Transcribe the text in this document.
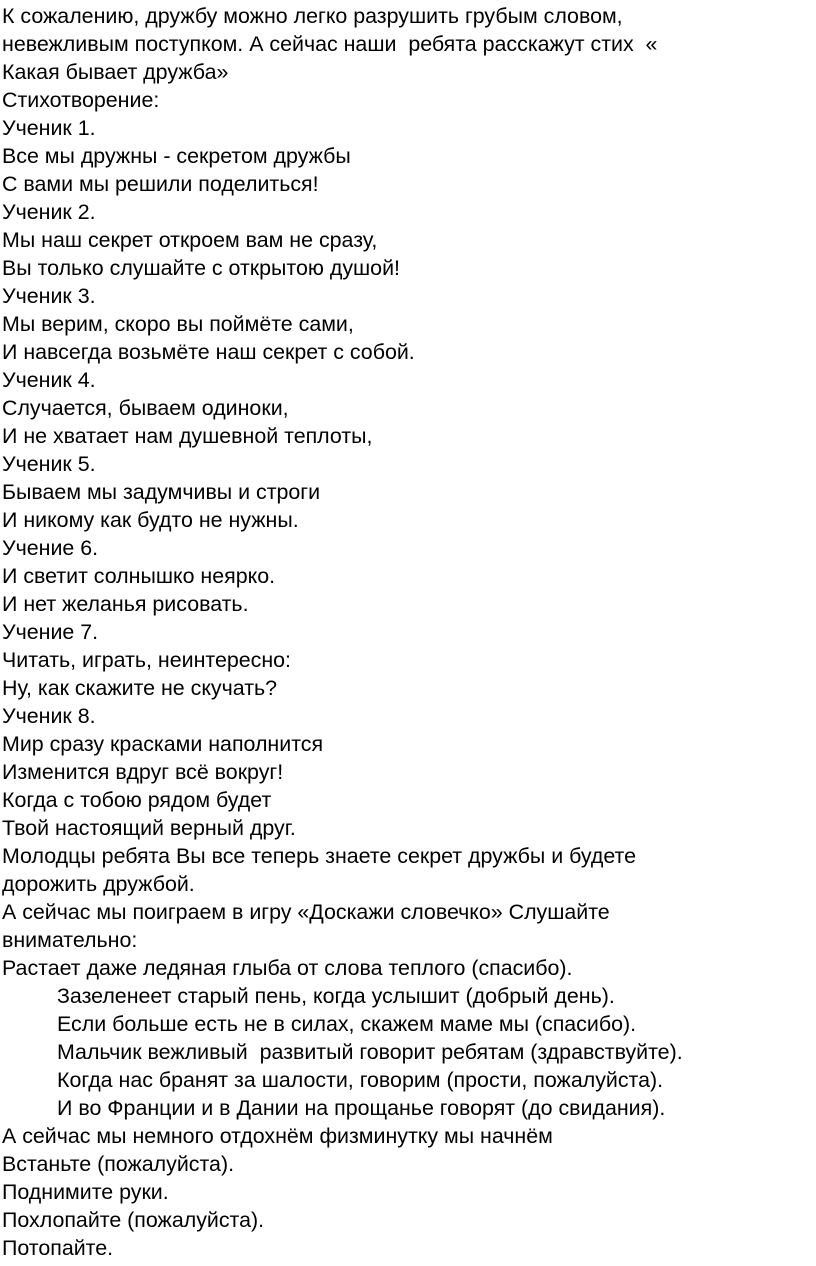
К сожалению, дружбу можно легко разрушить грубым словом,
невежливым поступком. А сейчас наши  ребята расскажут стих  «
Какая бывает дружба»
Стихотворение:
Ученик 1.
Все мы дружны - секретом дружбы
С вами мы решили поделиться!
Ученик 2.
Мы наш секрет откроем вам не сразу,
Вы только слушайте с открытою душой!
Ученик 3.
Мы верим, скоро вы поймёте сами,
И навсегда возьмёте наш секрет с собой.
Ученик 4.
Случается, бываем одиноки,
И не хватает нам душевной теплоты,
Ученик 5.
Бываем мы задумчивы и строги
И никому как будто не нужны.
Учение 6.
И светит солнышко неярко.
И нет желанья рисовать.
Учение 7.
Читать, играть, неинтересно:
Ну, как скажите не скучать?
Ученик 8.
Мир сразу красками наполнится
Изменится вдруг всё вокруг!
Когда с тобою рядом будет
Твой настоящий верный друг.
Молодцы ребята Вы все теперь знаете секрет дружбы и будете
дорожить дружбой.
А сейчас мы поиграем в игру «Доскажи словечко» Слушайте
внимательно:
Растает даже ледяная глыба от слова теплого (спасибо).
Зазеленеет старый пень, когда услышит (добрый день).
Если больше есть не в силах, скажем маме мы (спасибо).
Мальчик вежливый  развитый говорит ребятам (здравствуйте).
Когда нас бранят за шалости, говорим (прости, пожалуйста).
И во Франции и в Дании на прощанье говорят (до свидания).
А сейчас мы немного отдохнём физминутку мы начнём
Встаньте (пожалуйста).
Поднимите руки.
Похлопайте (пожалуйста).
Потопайте.
